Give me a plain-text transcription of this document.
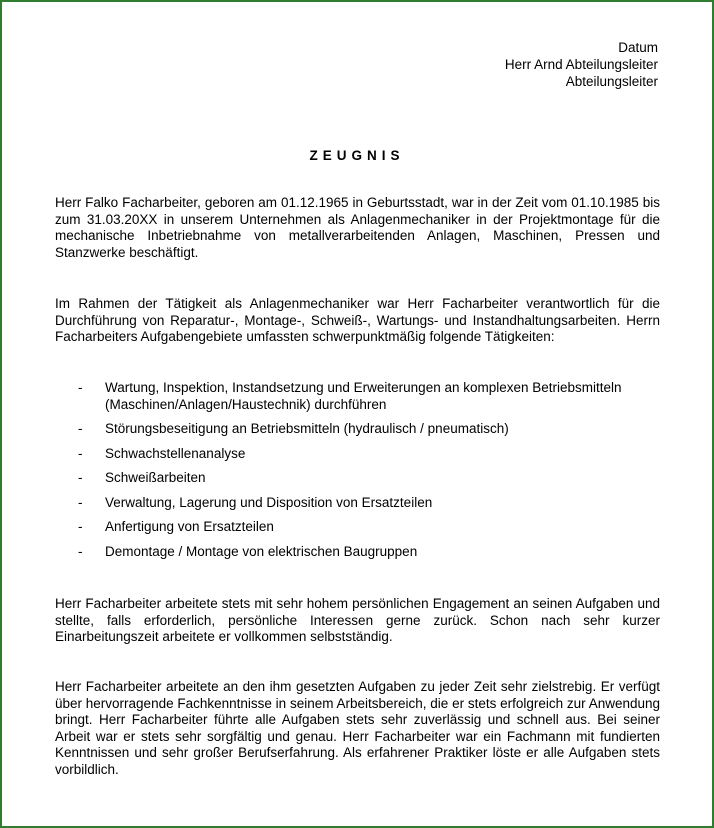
Datum
Herr Arnd Abteilungsleiter
Abteilungsleiter
ZEUGNIS
Herr Falko Facharbeiter, geboren am 01.12.1965 in Geburtsstadt, war in der Zeit vom 01.10.1985 bis zum 31.03.20XX in unserem Unternehmen als Anlagenmechaniker in der Projektmontage für die mechanische Inbetriebnahme von metallverarbeitenden Anlagen, Maschinen, Pressen und Stanzwerke beschäftigt.
Im Rahmen der Tätigkeit als Anlagenmechaniker war Herr Facharbeiter verantwortlich für die Durchführung von Reparatur-, Montage-, Schweiß-, Wartungs- und Instandhaltungsarbeiten. Herrn Facharbeiters Aufgabengebiete umfassten schwerpunktmäßig folgende Tätigkeiten:
- Wartung, Inspektion, Instandsetzung und Erweiterungen an komplexen Betriebsmitteln (Maschinen/Anlagen/Haustechnik) durchführen
- Störungsbeseitigung an Betriebsmitteln (hydraulisch / pneumatisch)
- Schwachstellenanalyse
- Schweißarbeiten
- Verwaltung, Lagerung und Disposition von Ersatzteilen
- Anfertigung von Ersatzteilen
- Demontage / Montage von elektrischen Baugruppen
Herr Facharbeiter arbeitete stets mit sehr hohem persönlichen Engagement an seinen Aufgaben und stellte, falls erforderlich, persönliche Interessen gerne zurück. Schon nach sehr kurzer Einarbeitungszeit arbeitete er vollkommen selbstständig.
Herr Facharbeiter arbeitete an den ihm gesetzten Aufgaben zu jeder Zeit sehr zielstrebig. Er verfügt über hervorragende Fachkenntnisse in seinem Arbeitsbereich, die er stets erfolgreich zur Anwendung bringt. Herr Facharbeiter führte alle Aufgaben stets sehr zuverlässig und schnell aus. Bei seiner Arbeit war er stets sehr sorgfältig und genau. Herr Facharbeiter war ein Fachmann mit fundierten Kenntnissen und sehr großer Berufserfahrung. Als erfahrener Praktiker löste er alle Aufgaben stets vorbildlich.
